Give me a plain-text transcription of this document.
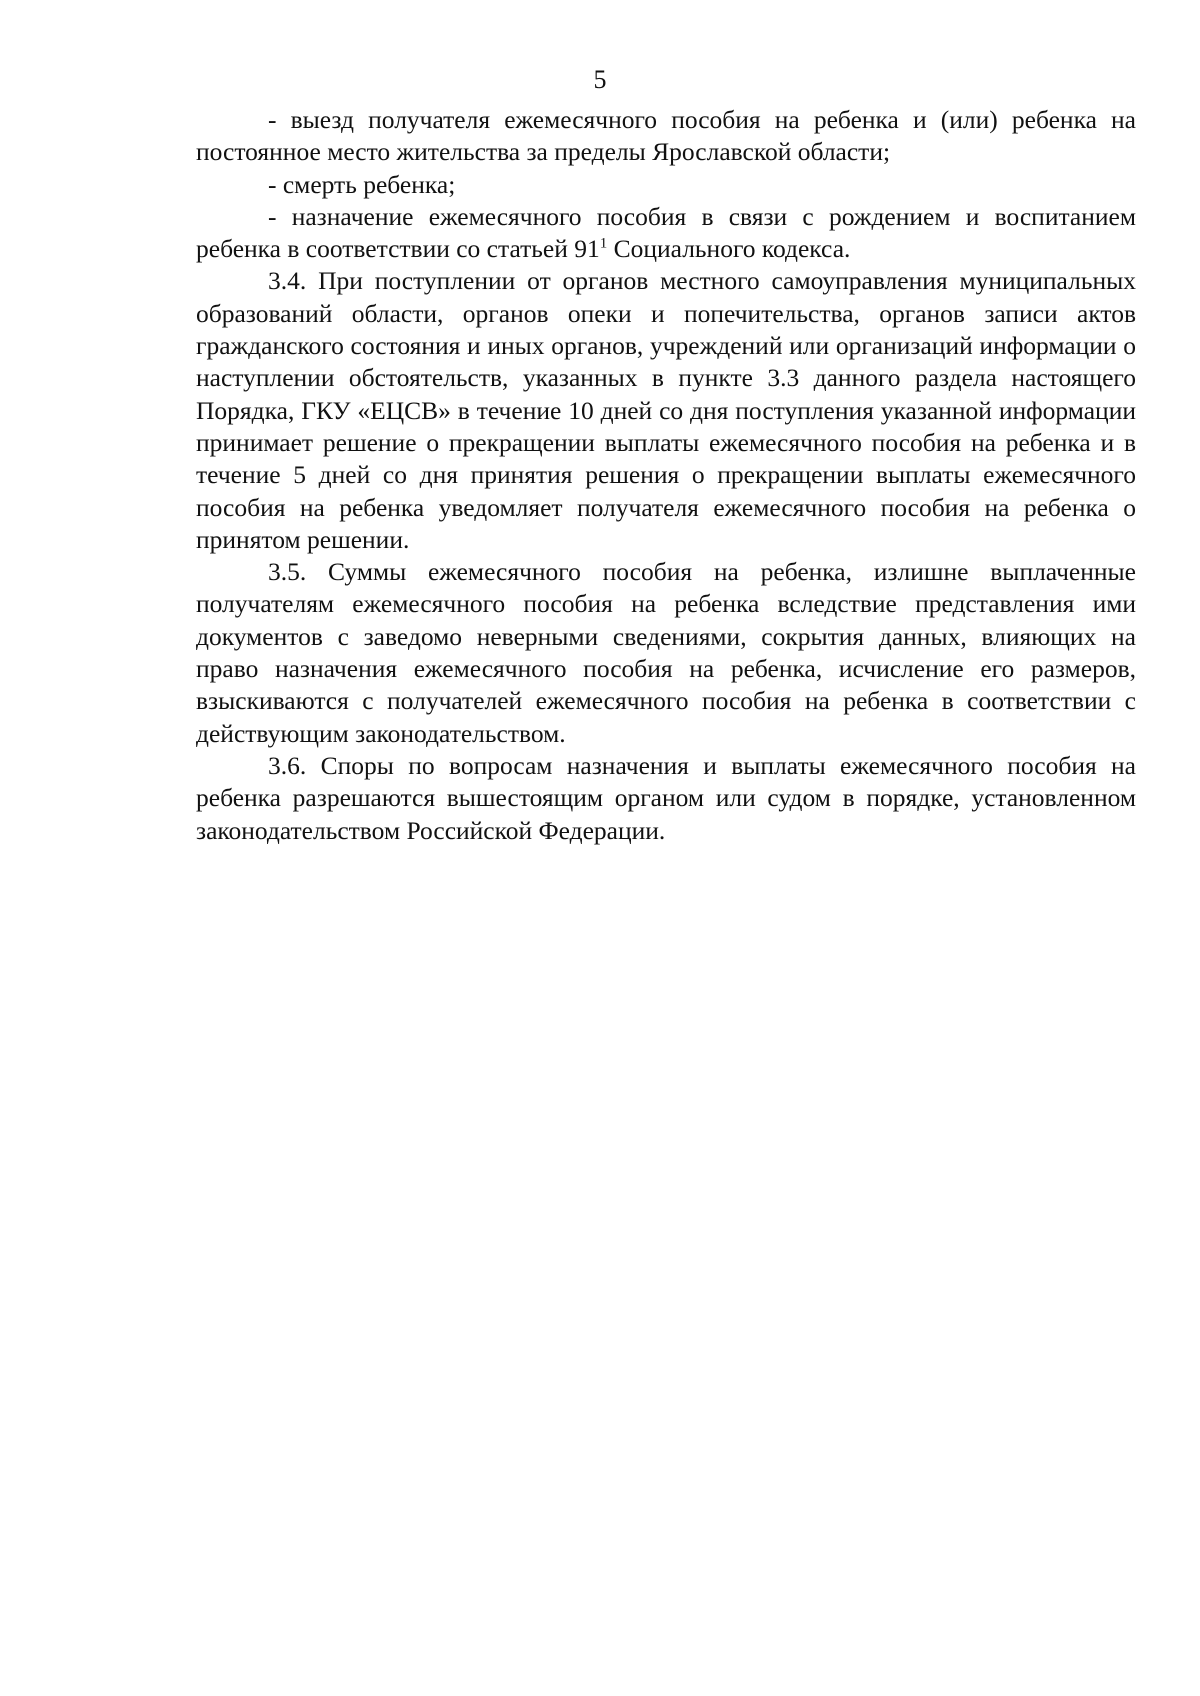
5

- выезд получателя ежемесячного пособия на ребенка и (или) ребенка на постоянное место жительства за пределы Ярославской области;

- смерть ребенка;

- назначение ежемесячного пособия в связи с рождением и воспитанием ребенка в соответствии со статьей $91^1$ Социального кодекса.

3.4. При поступлении от органов местного самоуправления муниципальных образований области, органов опеки и попечительства, органов записи актов гражданского состояния и иных органов, учреждений или организаций информации о наступлении обстоятельств, указанных в пункте 3.3 данного раздела настоящего Порядка, ГКУ «ЕЦСВ» в течение 10 дней со дня поступления указанной информации принимает решение о прекращении выплаты ежемесячного пособия на ребенка и в течение 5 дней со дня принятия решения о прекращении выплаты ежемесячного пособия на ребенка уведомляет получателя ежемесячного пособия на ребенка о принятом решении.

3.5. Суммы ежемесячного пособия на ребенка, излишне выплаченные получателям ежемесячного пособия на ребенка вследствие представления ими документов с заведомо неверными сведениями, сокрытия данных, влияющих на право назначения ежемесячного пособия на ребенка, исчисление его размеров, взыскиваются с получателей ежемесячного пособия на ребенка в соответствии с действующим законодательством.

3.6. Споры по вопросам назначения и выплаты ежемесячного пособия на ребенка разрешаются вышестоящим органом или судом в порядке, установленном законодательством Российской Федерации.
